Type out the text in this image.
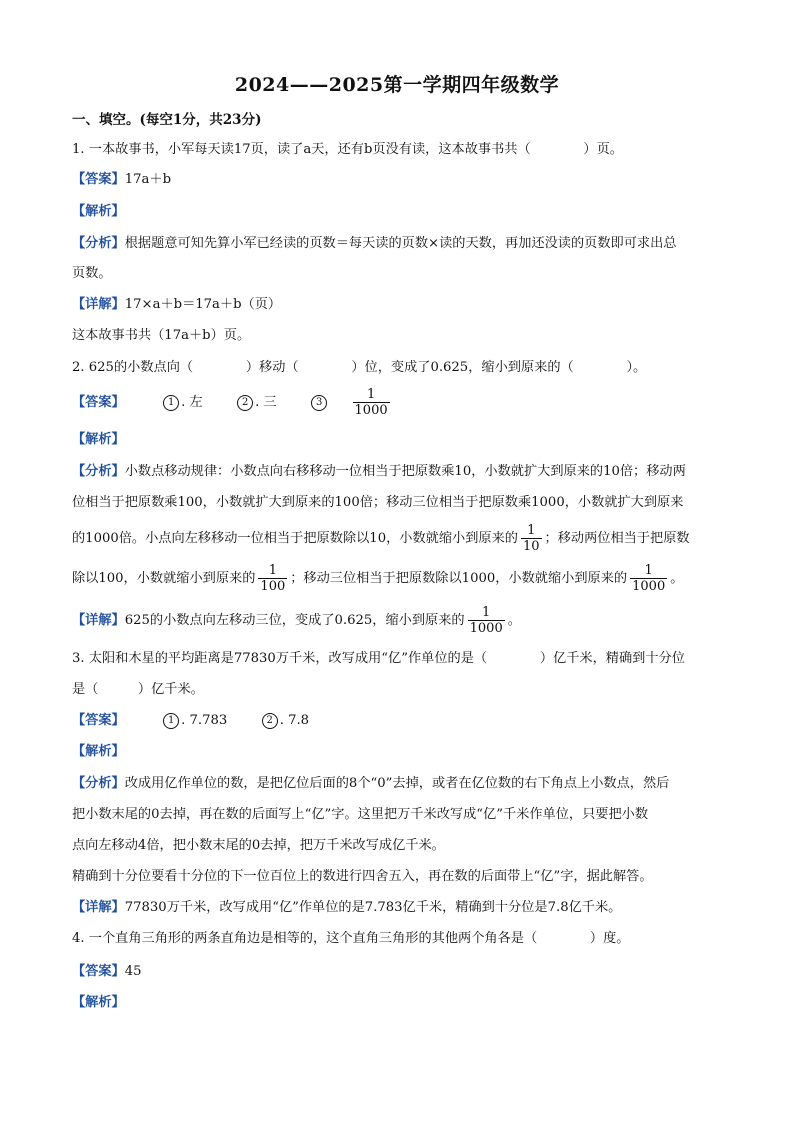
2024——2025第一学期四年级数学
一、填空。(每空1分，共23分)
1. 一本故事书，小军每天读17页，读了a天，还有b页没有读，这本故事书共（　　　　）页。
【答案】17a＋b
【解析】
【分析】根据题意可知先算小军已经读的页数＝每天读的页数×读的天数，再加还没读的页数即可求出总
页数。
【详解】17×a＋b＝17a＋b（页）
这本故事书共（17a＋b）页。
2. 625的小数点向（　　　　）移动（　　　　）位，变成了0.625，缩小到原来的（　　　　）。
【答案】	1 . 左	2 . 三	$3 \frac{1}{1000}$
【解析】
【分析】小数点移动规律：小数点向右移移动一位相当于把原数乘10，小数就扩大到原来的10倍；移动两
位相当于把原数乘100，小数就扩大到原来的100倍；移动三位相当于把原数乘1000，小数就扩大到原来
的1000倍。小点向左移移动一位相当于把原数除以10，小数就缩小到原来的 $\frac{1}{10}$ ；移动两位相当于把原数
除以100，小数就缩小到原来的 $\frac{1}{100}$ ；移动三位相当于把原数除以1000，小数就缩小到原来的 $\frac{1}{1000}$ 。
【详解】625的小数点向左移动三位，变成了0.625，缩小到原来的 $\frac{1}{1000}$ 。
3. 太阳和木星的平均距离是77830万千米，改写成用“亿”作单位的是（　　　　）亿千米，精确到十分位
是（　　　）亿千米。
【答案】	1 . 7.783	2 . 7.8
【解析】
【分析】改成用亿作单位的数，是把亿位后面的8个“0”去掉，或者在亿位数的右下角点上小数点，然后
把小数末尾的0去掉，再在数的后面写上“亿”字。这里把万千米改写成“亿”千米作单位，只要把小数
点向左移动4倍，把小数末尾的0去掉，把万千米改写成亿千米。
精确到十分位要看十分位的下一位百位上的数进行四舍五入，再在数的后面带上“亿”字，据此解答。
【详解】77830万千米，改写成用“亿”作单位的是7.783亿千米，精确到十分位是7.8亿千米。
4. 一个直角三角形的两条直角边是相等的，这个直角三角形的其他两个角各是（　　　　）度。
【答案】45
【解析】
